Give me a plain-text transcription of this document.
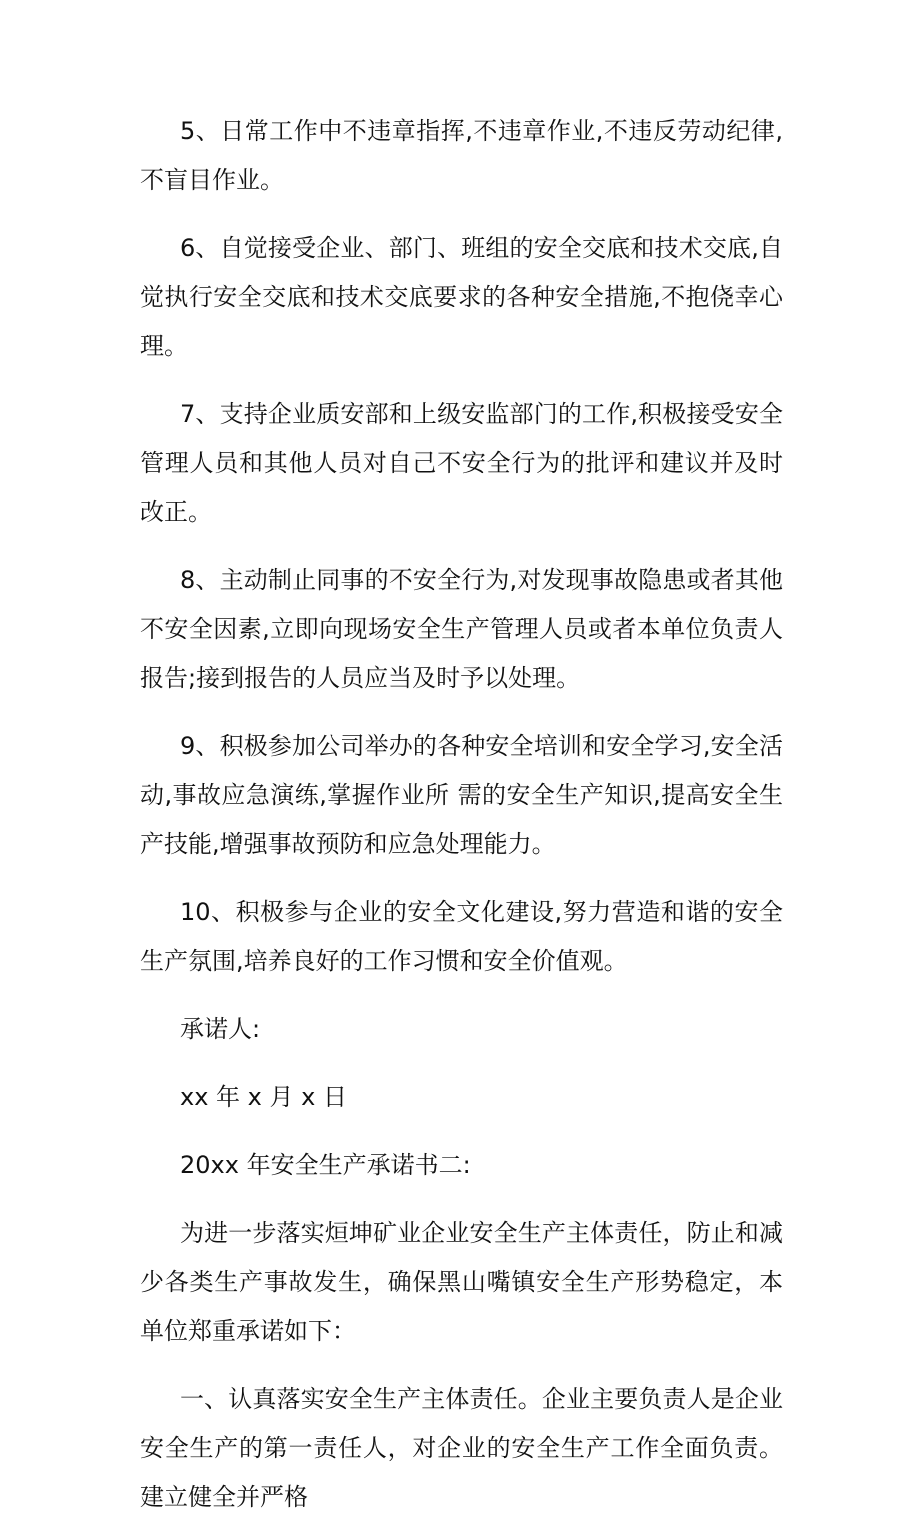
5、日常工作中不违章指挥,不违章作业,不违反劳动纪律,不盲目作业。

6、自觉接受企业、部门、班组的安全交底和技术交底,自觉执行安全交底和技术交底要求的各种安全措施,不抱侥幸心理。

7、支持企业质安部和上级安监部门的工作,积极接受安全管理人员和其他人员对自己不安全行为的批评和建议并及时改正。

8、主动制止同事的不安全行为,对发现事故隐患或者其他不安全因素,立即向现场安全生产管理人员或者本单位负责人报告;接到报告的人员应当及时予以处理。

9、积极参加公司举办的各种安全培训和安全学习,安全活动,事故应急演练,掌握作业所 需的安全生产知识,提高安全生产技能,增强事故预防和应急处理能力。

10、积极参与企业的安全文化建设,努力营造和谐的安全生产氛围,培养良好的工作习惯和安全价值观。

承诺人:

xx 年 x 月 x 日

20xx 年安全生产承诺书二:

为进一步落实烜坤矿业企业安全生产主体责任，防止和减少各类生产事故发生，确保黑山嘴镇安全生产形势稳定，本单位郑重承诺如下：

一、认真落实安全生产主体责任。企业主要负责人是企业安全生产的第一责任人，对企业的安全生产工作全面负责。建立健全并严格
